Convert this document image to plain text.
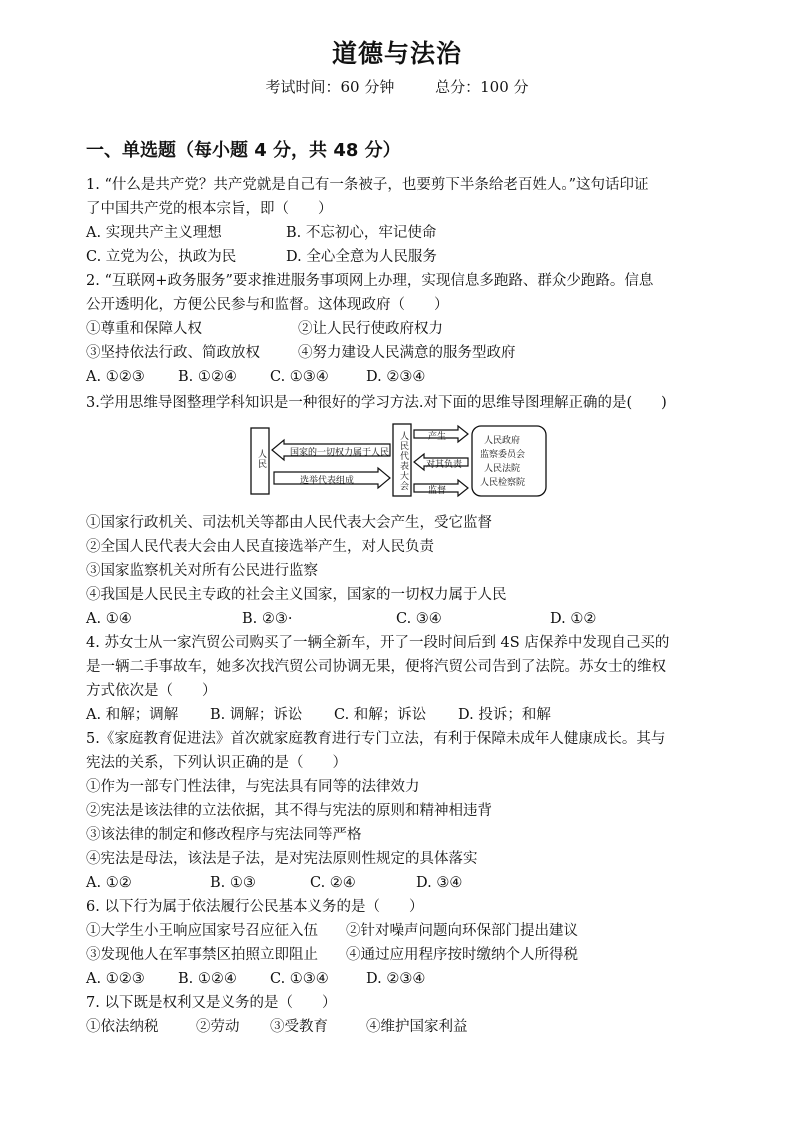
道德与法治
考试时间：60 分钟	总分：100 分
一、单选题（每小题 4 分，共 48 分）
1. “什么是共产党？共产党就是自己有一条被子，也要剪下半条给老百姓人。”这句话印证
了中国共产党的根本宗旨，即（　　）
A. 实现共产主义理想	B. 不忘初心，牢记使命
C. 立党为公，执政为民	D. 全心全意为人民服务
2. “互联网+政务服务”要求推进服务事项网上办理，实现信息多跑路、群众少跑路。信息
公开透明化，方便公民参与和监督。这体现政府（　　）
①尊重和保障人权	②让人民行使政府权力
③坚持依法行政、简政放权	④努力建设人民满意的服务型政府
A. ①②③ B. ①②④ C. ①③④	D. ②③④
3.学用思维导图整理学科知识是一种很好的学习方法.对下面的思维导图理解正确的是(　　)
人民	国家的一切权力属于人民
选举代表组成	人民代表大会 产生
对其负责
监督
人民政府
监察委员会
人民法院
人民检察院
①国家行政机关、司法机关等都由人民代表大会产生，受它监督
②全国人民代表大会由人民直接选举产生，对人民负责
③国家监察机关对所有公民进行监察
④我国是人民民主专政的社会主义国家，国家的一切权力属于人民
A. ①④	B. ②③·	C. ③④	D. ①②
4. 苏女士从一家汽贸公司购买了一辆全新车，开了一段时间后到 4S 店保养中发现自己买的
是一辆二手事故车，她多次找汽贸公司协调无果，便将汽贸公司告到了法院。苏女士的维权
方式依次是（　　）
A. 和解；调解 B. 调解；诉讼 C. 和解；诉讼 D. 投诉；和解
5.《家庭教育促进法》首次就家庭教育进行专门立法，有利于保障未成年人健康成长。其与
宪法的关系，下列认识正确的是（　　）
①作为一部专门性法律，与宪法具有同等的法律效力
②宪法是该法律的立法依据，其不得与宪法的原则和精神相违背
③该法律的制定和修改程序与宪法同等严格
④宪法是母法，该法是子法，是对宪法原则性规定的具体落实
A. ①②	B. ①③	C. ②④	D. ③④
6. 以下行为属于依法履行公民基本义务的是（　　）
①大学生小王响应国家号召应征入伍 ②针对噪声问题向环保部门提出建议
③发现他人在军事禁区拍照立即阻止 ④通过应用程序按时缴纳个人所得税
A. ①②③ B. ①②④ C. ①③④	D. ②③④
7. 以下既是权利又是义务的是（　　）
①依法纳税	②劳动 ③受教育	④维护国家利益
